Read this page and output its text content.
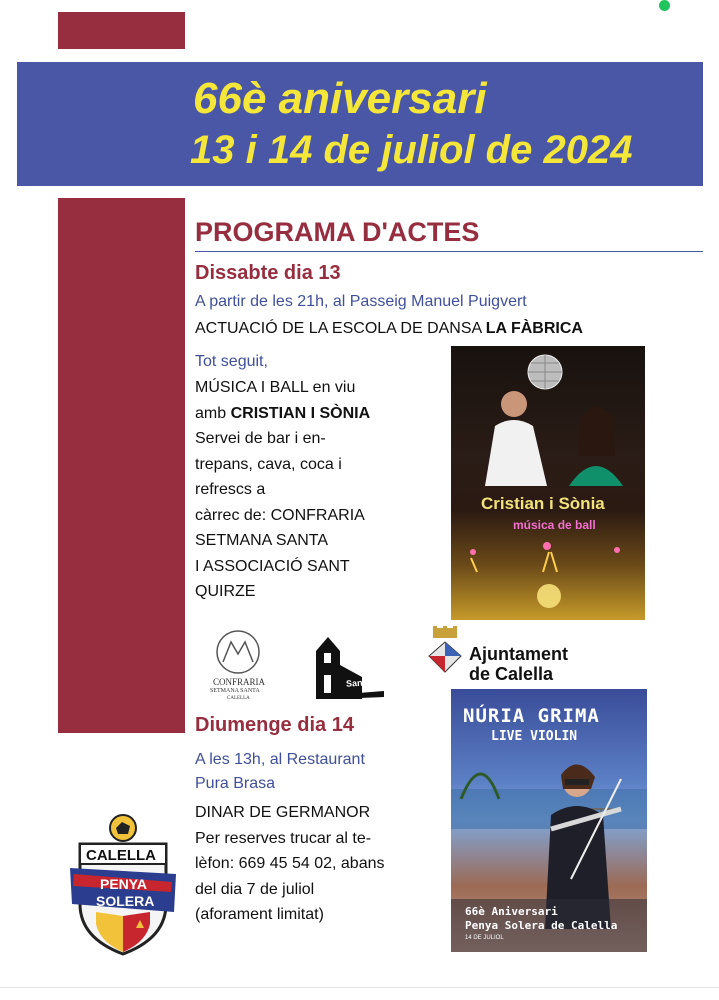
66è aniversari
13 i 14 de juliol de 2024
PROGRAMA D'ACTES
Dissabte dia 13
A partir de les 21h, al Passeig Manuel Puigvert
ACTUACIÓ DE LA ESCOLA DE DANSA LA FÀBRICA
Tot seguit,
MÚSICA I BALL en viu
amb CRISTIAN I SÒNIA
Servei de bar i en-
trepans, cava, coca i
refrescs a
càrrec de: CONFRARIA
SETMANA SANTA
I ASSOCIACIÓ SANT
QUIRZE
Cristian i Sònia
música de ball
CONFRARIA
SETMANA SANTA
CALELLA
Sant Quirze
Ajuntament
de Calella
Diumenge dia 14
A les 13h, al Restaurant
Pura Brasa
DINAR DE GERMANOR
Per reserves trucar al te-
lèfon: 669 45 54 02, abans
del dia 7 de juliol
(aforament limitat)
CALELLA
PENYA
SOLERA
NÚRIA GRIMA
LIVE VIOLIN
66è Aniversari
Penya Solera de Calella
14 DE JULIOL
